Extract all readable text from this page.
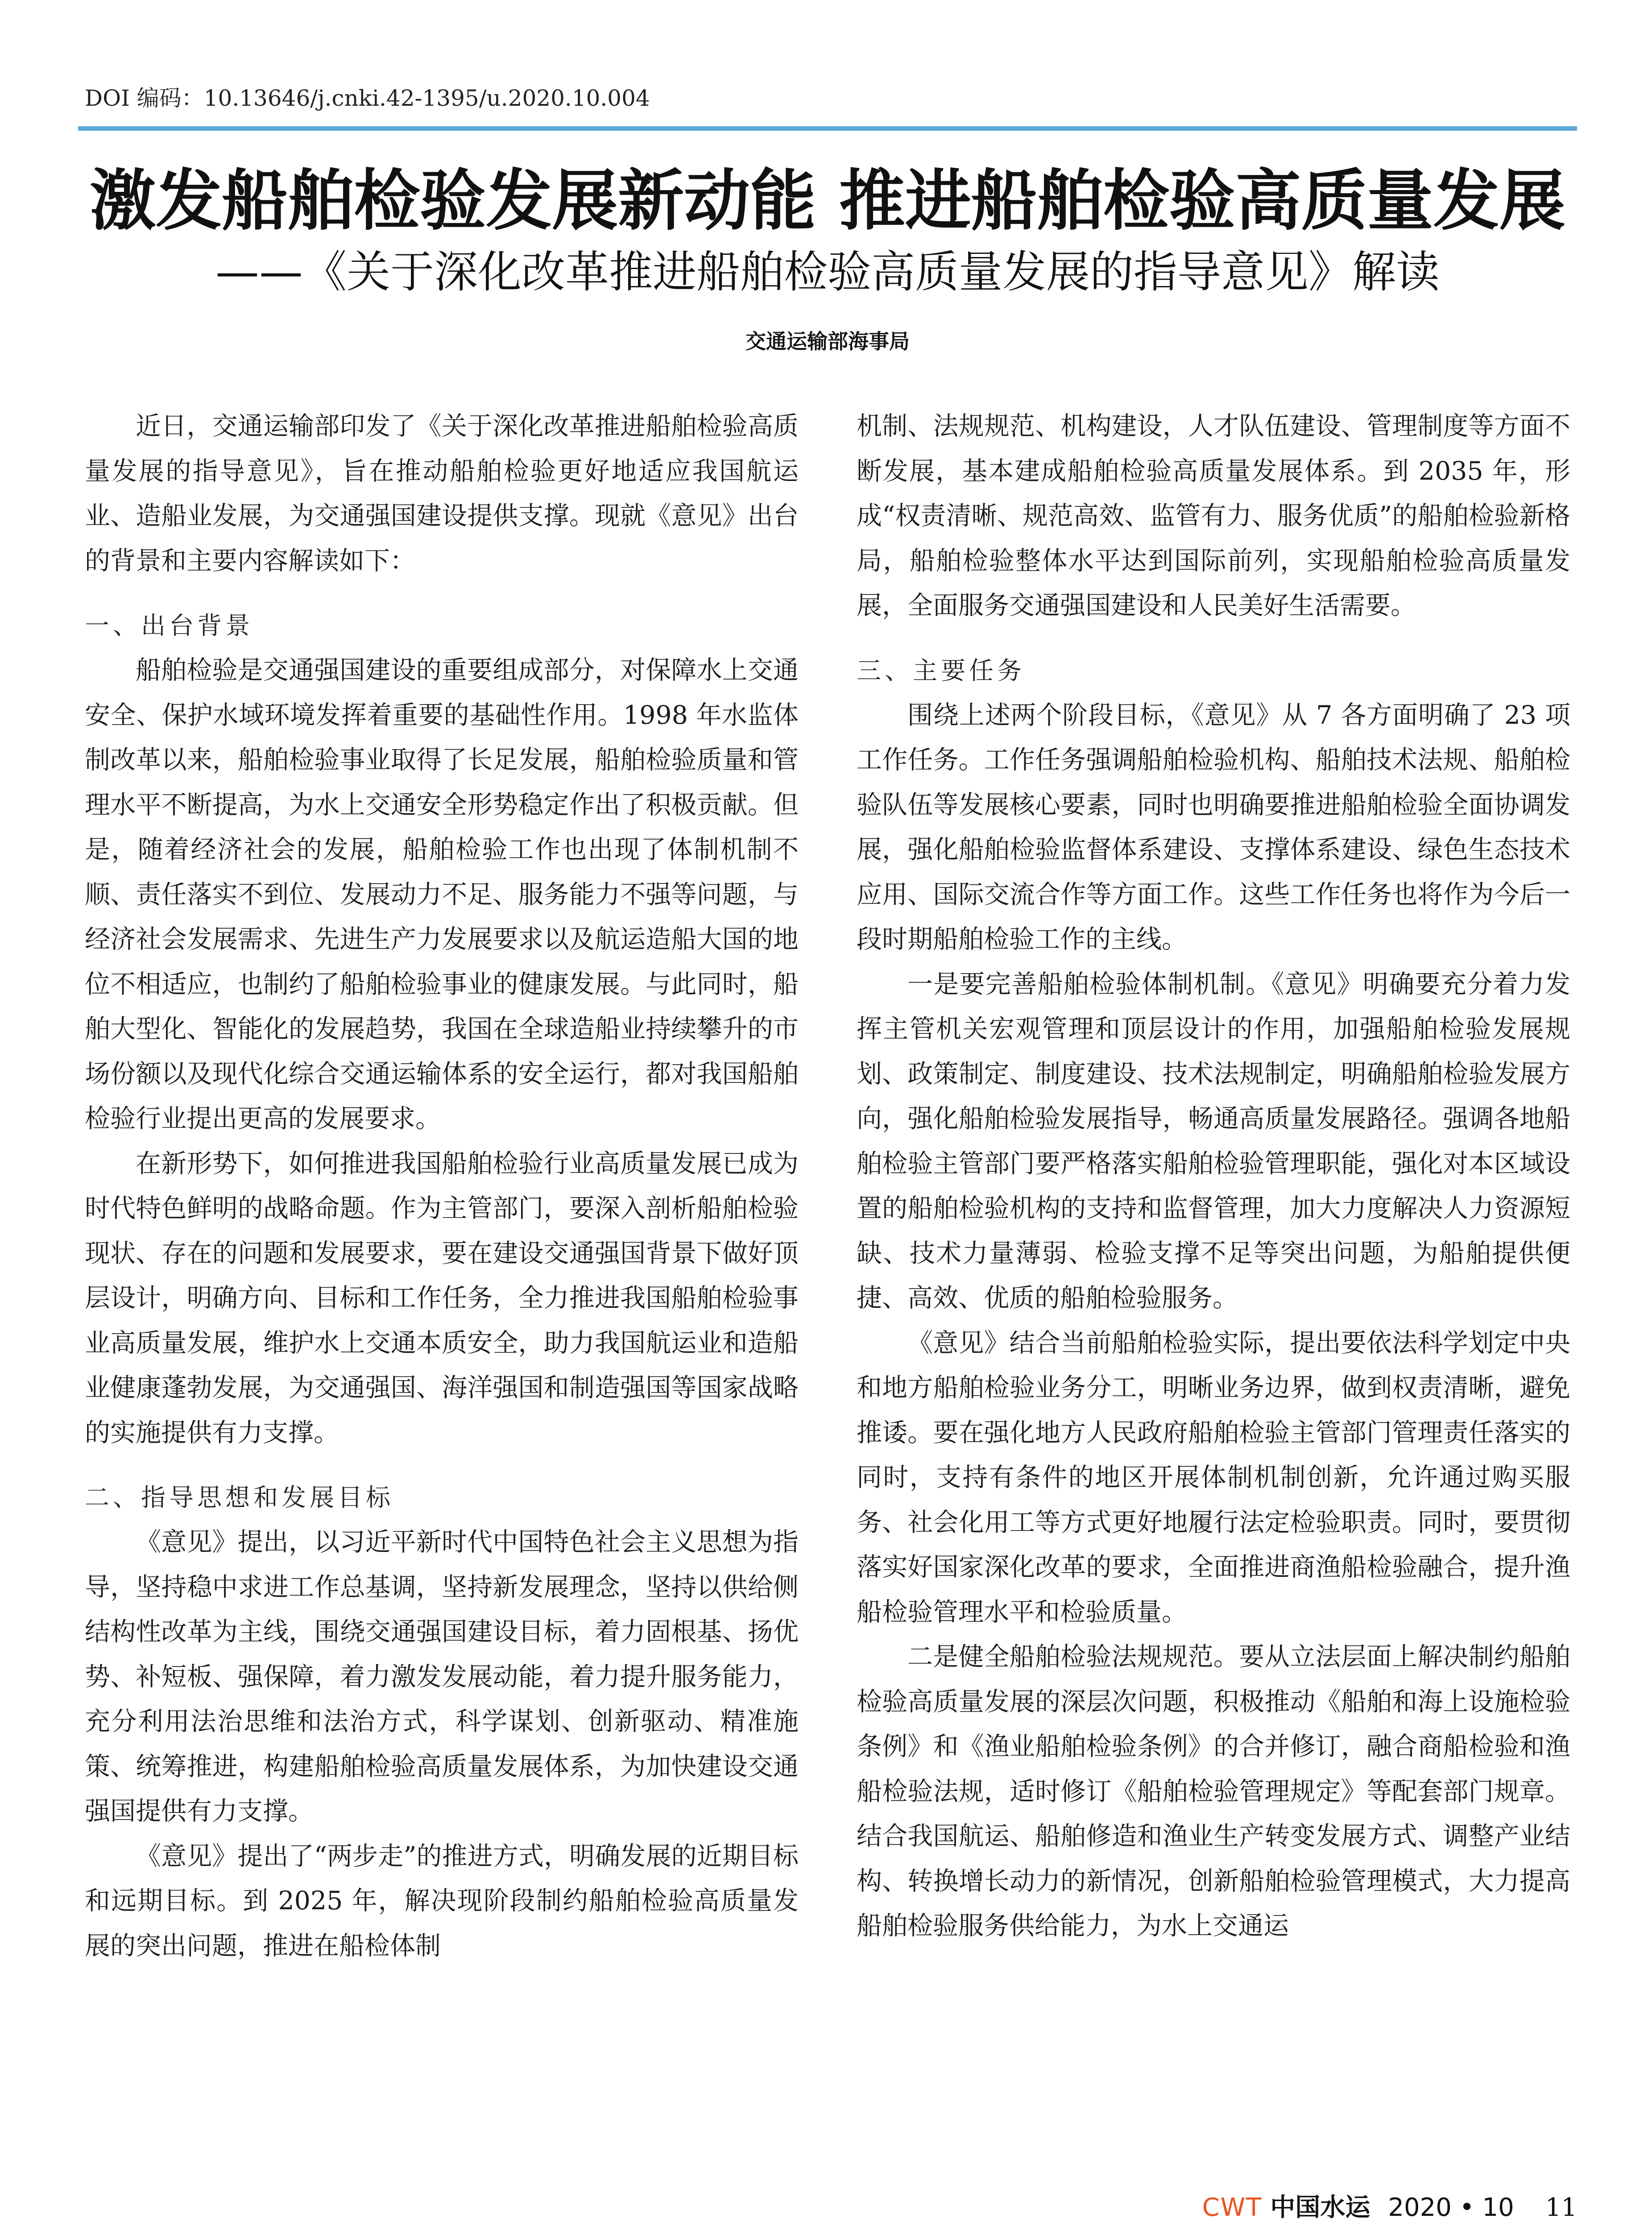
DOI 编码：10.13646/j.cnki.42-1395/u.2020.10.004
激发船舶检验发展新动能 推进船舶检验高质量发展
——《关于深化改革推进船舶检验高质量发展的指导意见》解读
交通运输部海事局

近日，交通运输部印发了《关于深化改革推进船舶检验高质量发展的指导意见》，旨在推动船舶检验更好地适应我国航运业、造船业发展，为交通强国建设提供支撑。现就《意见》出台的背景和主要内容解读如下：

一、出台背景

船舶检验是交通强国建设的重要组成部分，对保障水上交通安全、保护水域环境发挥着重要的基础性作用。1998 年水监体制改革以来，船舶检验事业取得了长足发展，船舶检验质量和管理水平不断提高，为水上交通安全形势稳定作出了积极贡献。但是，随着经济社会的发展，船舶检验工作也出现了体制机制不顺、责任落实不到位、发展动力不足、服务能力不强等问题，与经济社会发展需求、先进生产力发展要求以及航运造船大国的地位不相适应，也制约了船舶检验事业的健康发展。与此同时，船舶大型化、智能化的发展趋势，我国在全球造船业持续攀升的市场份额以及现代化综合交通运输体系的安全运行，都对我国船舶检验行业提出更高的发展要求。

在新形势下，如何推进我国船舶检验行业高质量发展已成为时代特色鲜明的战略命题。作为主管部门，要深入剖析船舶检验现状、存在的问题和发展要求，要在建设交通强国背景下做好顶层设计，明确方向、目标和工作任务，全力推进我国船舶检验事业高质量发展，维护水上交通本质安全，助力我国航运业和造船业健康蓬勃发展，为交通强国、海洋强国和制造强国等国家战略的实施提供有力支撑。

二、指导思想和发展目标

《意见》提出，以习近平新时代中国特色社会主义思想为指导，坚持稳中求进工作总基调，坚持新发展理念，坚持以供给侧结构性改革为主线，围绕交通强国建设目标，着力固根基、扬优势、补短板、强保障，着力激发发展动能，着力提升服务能力，充分利用法治思维和法治方式，科学谋划、创新驱动、精准施策、统筹推进，构建船舶检验高质量发展体系，为加快建设交通强国提供有力支撑。

《意见》提出了“两步走”的推进方式，明确发展的近期目标和远期目标。到 2025 年，解决现阶段制约船舶检验高质量发展的突出问题，推进在船检体制

机制、法规规范、机构建设，人才队伍建设、管理制度等方面不断发展，基本建成船舶检验高质量发展体系。到 2035 年，形成“权责清晰、规范高效、监管有力、服务优质”的船舶检验新格局，船舶检验整体水平达到国际前列，实现船舶检验高质量发展，全面服务交通强国建设和人民美好生活需要。

三、主要任务

围绕上述两个阶段目标，《意见》从 7 各方面明确了 23 项工作任务。工作任务强调船舶检验机构、船舶技术法规、船舶检验队伍等发展核心要素，同时也明确要推进船舶检验全面协调发展，强化船舶检验监督体系建设、支撑体系建设、绿色生态技术应用、国际交流合作等方面工作。这些工作任务也将作为今后一段时期船舶检验工作的主线。

一是要完善船舶检验体制机制。《意见》明确要充分着力发挥主管机关宏观管理和顶层设计的作用，加强船舶检验发展规划、政策制定、制度建设、技术法规制定，明确船舶检验发展方向，强化船舶检验发展指导，畅通高质量发展路径。强调各地船舶检验主管部门要严格落实船舶检验管理职能，强化对本区域设置的船舶检验机构的支持和监督管理，加大力度解决人力资源短缺、技术力量薄弱、检验支撑不足等突出问题，为船舶提供便捷、高效、优质的船舶检验服务。

《意见》结合当前船舶检验实际，提出要依法科学划定中央和地方船舶检验业务分工，明晰业务边界，做到权责清晰，避免推诿。要在强化地方人民政府船舶检验主管部门管理责任落实的同时，支持有条件的地区开展体制机制创新，允许通过购买服务、社会化用工等方式更好地履行法定检验职责。同时，要贯彻落实好国家深化改革的要求，全面推进商渔船检验融合，提升渔船检验管理水平和检验质量。

二是健全船舶检验法规规范。要从立法层面上解决制约船舶检验高质量发展的深层次问题，积极推动《船舶和海上设施检验条例》和《渔业船舶检验条例》的合并修订，融合商船检验和渔船检验法规，适时修订《船舶检验管理规定》等配套部门规章。结合我国航运、船舶修造和渔业生产转变发展方式、调整产业结构、转换增长动力的新情况，创新船舶检验管理模式，大力提高船舶检验服务供给能力，为水上交通运

CWT 中国水运 2020 • 10 11
